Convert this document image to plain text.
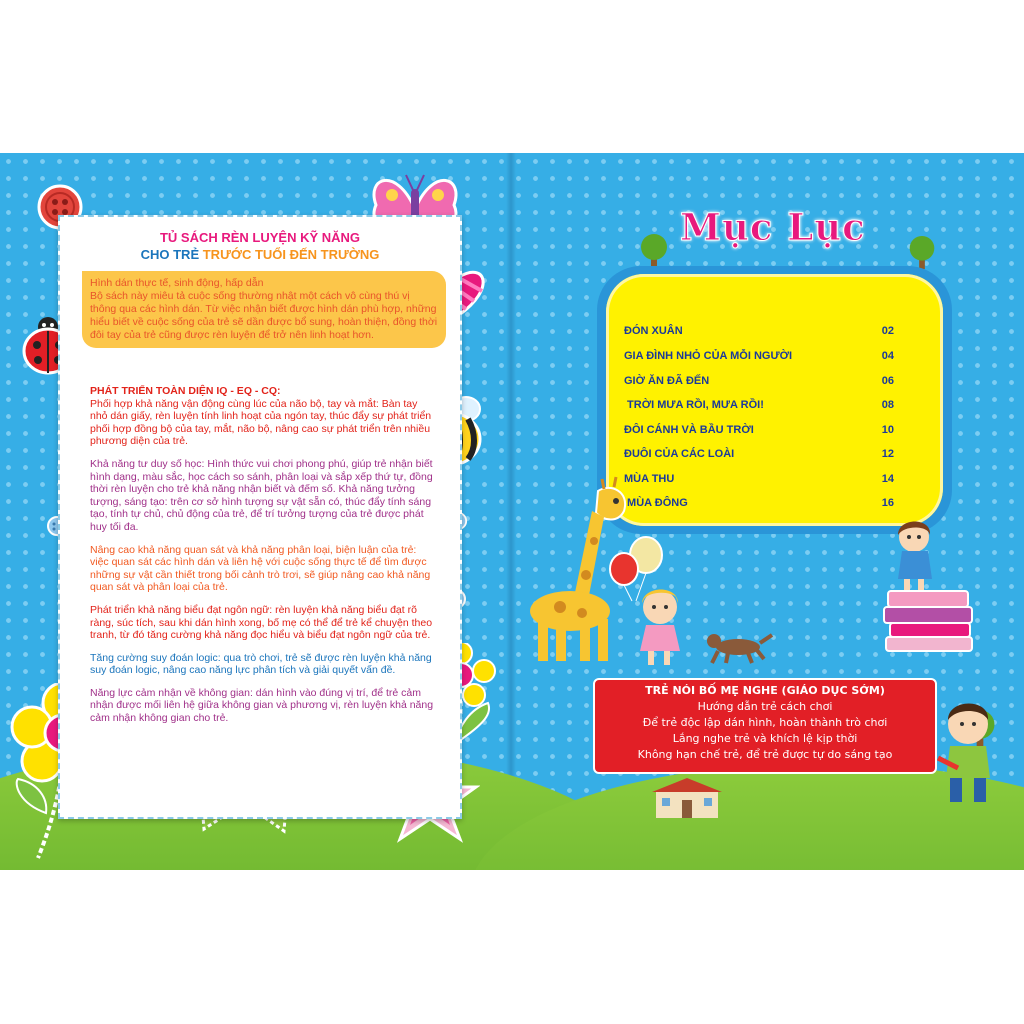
TỦ SÁCH RÈN LUYỆN KỸ NĂNG
CHO TRẺ TRƯỚC TUỔI ĐẾN TRƯỜNG
Hình dán thực tế, sinh động, hấp dẫn
Bộ sách này miêu tả cuộc sống thường nhật một cách vô cùng thú vị thông qua các hình dán. Từ việc nhận biết được hình dán phù hợp, những hiểu biết về cuộc sống của trẻ sẽ dần được bổ sung, hoàn thiện, đồng thời đôi tay của trẻ cũng được rèn luyện để trở nên linh hoạt hơn.
PHÁT TRIỂN TOÀN DIỆN IQ - EQ - CQ:

Phối hợp khả năng vận động cùng lúc của não bộ, tay và mắt: Bàn tay nhỏ dán giấy, rèn luyện tính linh hoạt của ngón tay, thúc đẩy sự phát triển phối hợp đồng bộ của tay, mắt, não bộ, nâng cao sự phát triển trên nhiều phương diện của trẻ.

Khả năng tư duy số học: Hình thức vui chơi phong phú, giúp trẻ nhận biết hình dạng, màu sắc, học cách so sánh, phân loại và sắp xếp thứ tự, đồng thời rèn luyện cho trẻ khả năng nhận biết và đếm số. Khả năng tưởng tượng, sáng tạo: trên cơ sở hình tượng sự vật sẵn có, thúc đẩy tính sáng tạo, tính tự chủ, chủ động của trẻ, để trí tưởng tượng của trẻ được phát huy tối đa.

Nâng cao khả năng quan sát và khả năng phân loại, biện luận của trẻ: việc quan sát các hình dán và liên hệ với cuộc sống thực tế để tìm được những sự vật cần thiết trong bối cảnh trò trơi, sẽ giúp nâng cao khả năng quan sát và phân loại của trẻ.

Phát triển khả năng biểu đạt ngôn ngữ: rèn luyện khả năng biểu đạt rõ ràng, súc tích, sau khi dán hình xong, bố mẹ có thể để trẻ kể chuyện theo tranh, từ đó tăng cường khả năng đọc hiểu và biểu đạt ngôn ngữ của trẻ.

Tăng cường suy đoán logic: qua trò chơi, trẻ sẽ được rèn luyện khả năng suy đoán logic, nâng cao năng lực phân tích và giải quyết vấn đề.

Năng lực cảm nhận về không gian: dán hình vào đúng vị trí, để trẻ cảm nhận được mối liên hệ giữa không gian và phương vị, rèn luyện khả năng cảm nhận không gian cho trẻ.

Mục Lục
ĐÓN XUÂN	02
GIA ĐÌNH NHỎ CỦA MỖI NGƯỜI	04
GIỜ ĂN ĐÃ ĐẾN	06
TRỜI MƯA RỒI, MƯA RỒI!	08
ĐÔI CÁNH VÀ BẦU TRỜI	10
ĐUÔI CỦA CÁC LOÀI	12
MÙA THU	14
MÙA ĐÔNG	16
TRẺ NÓI BỐ MẸ NGHE (GIÁO DỤC SỚM)
Hướng dẫn trẻ cách chơi
Để trẻ độc lập dán hình, hoàn thành trò chơi
Lắng nghe trẻ và khích lệ kịp thời
Không hạn chế trẻ, để trẻ được tự do sáng tạo
